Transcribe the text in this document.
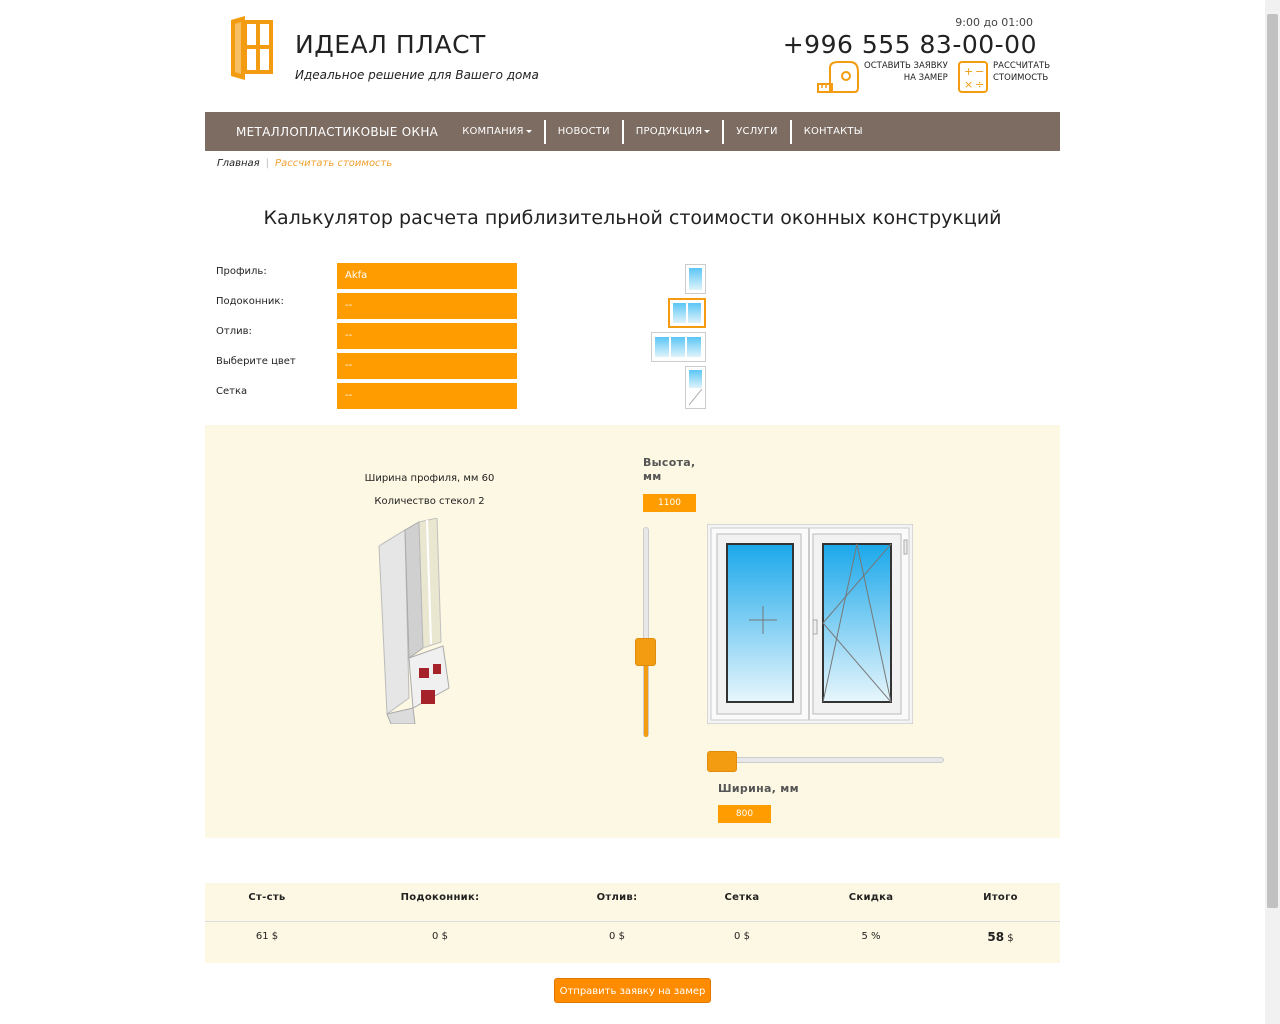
ИДЕАЛ ПЛАСТ
Идеальное решение для Вашего дома
9:00 до 01:00
+996 555 83-00-00
ОСТАВИТЬ ЗАЯВКУ
НА ЗАМЕР + −
× ÷
РАССЧИТАТЬ
СТОИМОСТЬ
МЕТАЛЛОПЛАСТИКОВЫЕ ОКНА КОМПАНИЯ	НОВОСТИ	ПРОДУКЦИЯ	УСЛУГИ	КОНТАКТЫ
Главная | Рассчитать стоимость
Калькулятор расчета приблизительной стоимости оконных конструкций
Профиль:	Akfa
Подоконник:	--
Отлив:	--
Выберите цвет	--
Сетка	--
Ширина профиля, мм 60
Количество стекол 2
Высота,
мм
1100
Ширина, мм
800
Ст-сть	Подоконник:	Отлив:	Сетка	Скидка	Итого
61 $	0 $	0 $	0 $	5 %	58 $
Отправить заявку на замер
